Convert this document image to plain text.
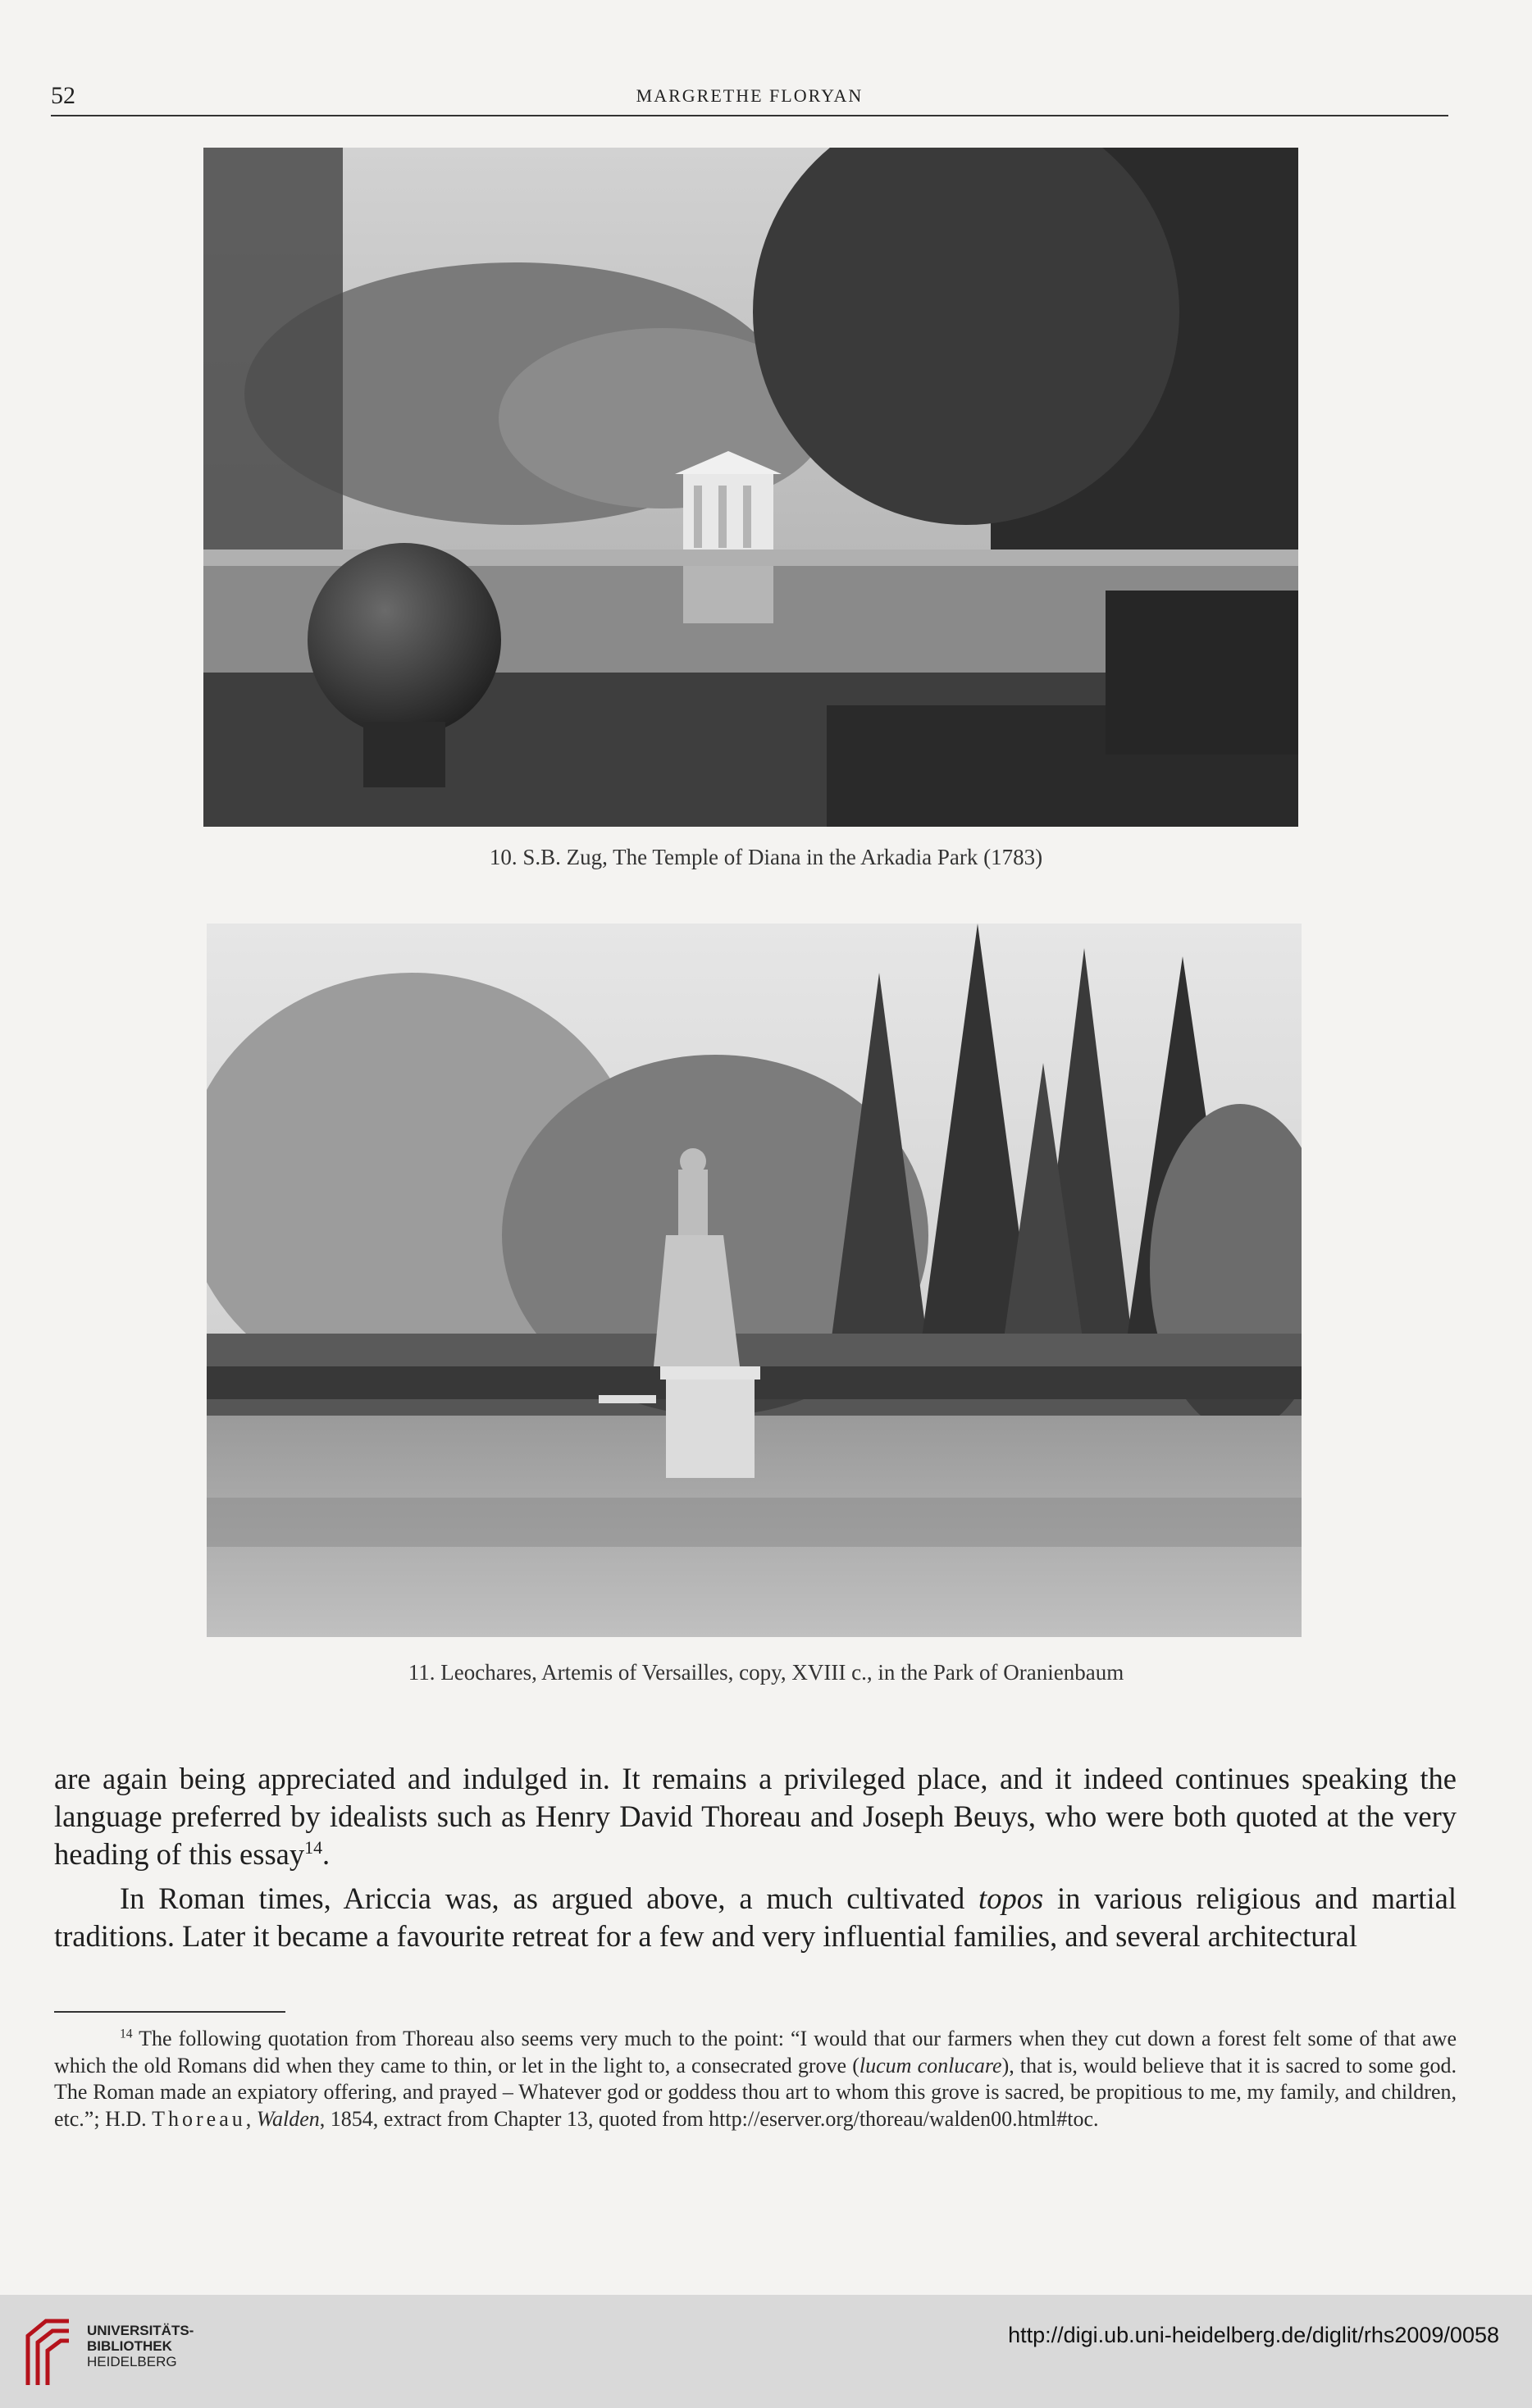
52	MARGRETHE FLORYAN
10. S.B. Zug, The Temple of Diana in the Arkadia Park (1783)
11. Leochares, Artemis of Versailles, copy, XVIII c., in the Park of Oranienbaum

are again being appreciated and indulged in. It remains a privileged place, and it indeed continues speaking the language preferred by idealists such as Henry David Thoreau and Joseph Beuys, who were both quoted at the very heading of this essay$^{14}$.

In Roman times, Ariccia was, as argued above, a much cultivated topos in various religious and martial traditions. Later it became a favourite retreat for a few and very influential families, and several architectural

$^{14}$ The following quotation from Thoreau also seems very much to the point: “I would that our farmers when they cut down a forest felt some of that awe which the old Romans did when they came to thin, or let in the light to, a consecrated grove (lucum conlucare), that is, would believe that it is sacred to some god. The Roman made an expiatory offering, and prayed – Whatever god or goddess thou art to whom this grove is sacred, be propitious to me, my family, and children, etc.”; H.D. Thoreau, Walden, 1854, extract from Chapter 13, quoted from http://eserver.org/thoreau/walden00.html#toc.
UNIVERSITÄTS-
BIBLIOTHEK
HEIDELBERG
http://digi.ub.uni-heidelberg.de/diglit/rhs2009/0058
